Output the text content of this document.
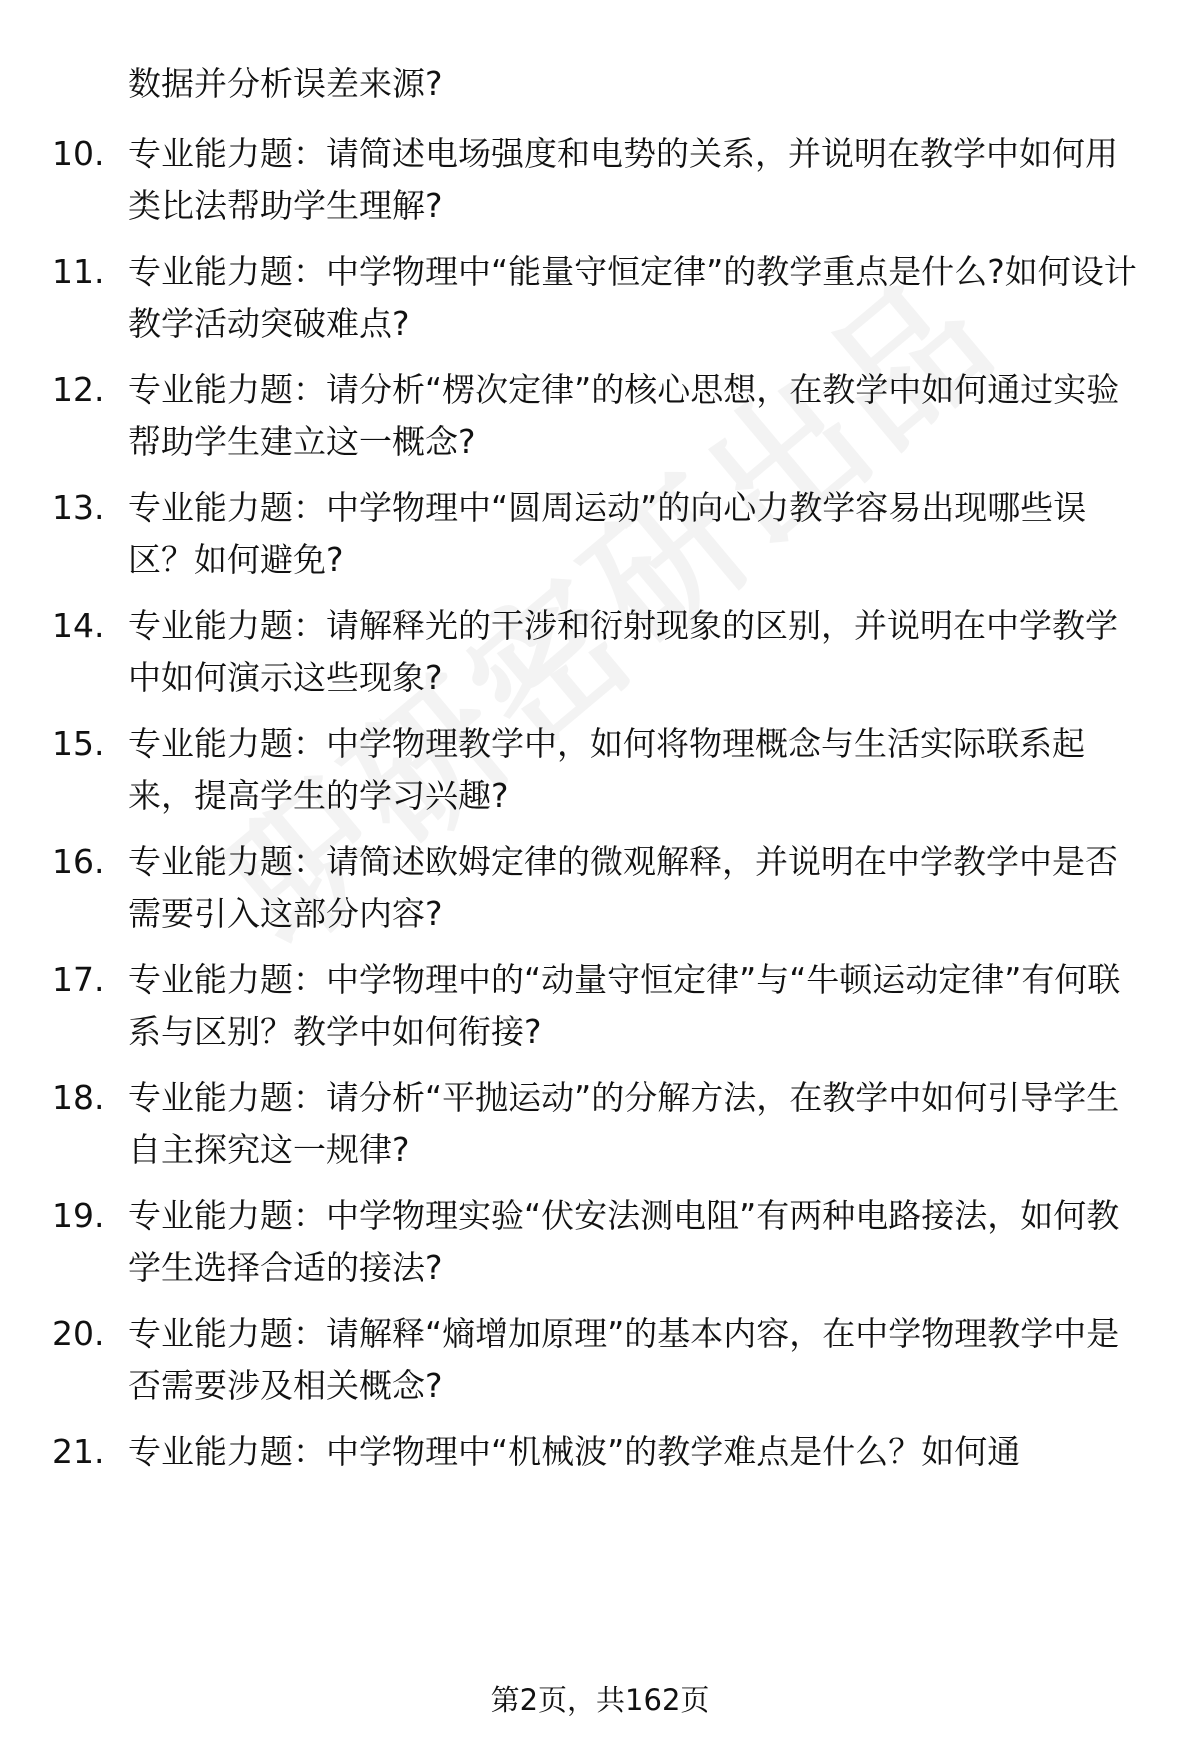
数据并分析误差来源?
10. 专业能力题：请简述电场强度和电势的关系，并说明在教学中如何用类比法帮助学生理解?
11. 专业能力题：中学物理中“能量守恒定律”的教学重点是什么?如何设计教学活动突破难点?
12. 专业能力题：请分析“楞次定律”的核心思想，在教学中如何通过实验帮助学生建立这一概念?
13. 专业能力题：中学物理中“圆周运动”的向心力教学容易出现哪些误区？如何避免?
14. 专业能力题：请解释光的干涉和衍射现象的区别，并说明在中学教学中如何演示这些现象?
15. 专业能力题：中学物理教学中，如何将物理概念与生活实际联系起来，提高学生的学习兴趣?
16. 专业能力题：请简述欧姆定律的微观解释，并说明在中学教学中是否需要引入这部分内容?
17. 专业能力题：中学物理中的“动量守恒定律”与“牛顿运动定律”有何联系与区别？教学中如何衔接?
18. 专业能力题：请分析“平抛运动”的分解方法，在教学中如何引导学生自主探究这一规律?
19. 专业能力题：中学物理实验“伏安法测电阻”有两种电路接法，如何教学生选择合适的接法?
20. 专业能力题：请解释“熵增加原理”的基本内容，在中学物理教学中是否需要涉及相关概念?
21. 专业能力题：中学物理中“机械波”的教学难点是什么？如何通
第2页，共162页
